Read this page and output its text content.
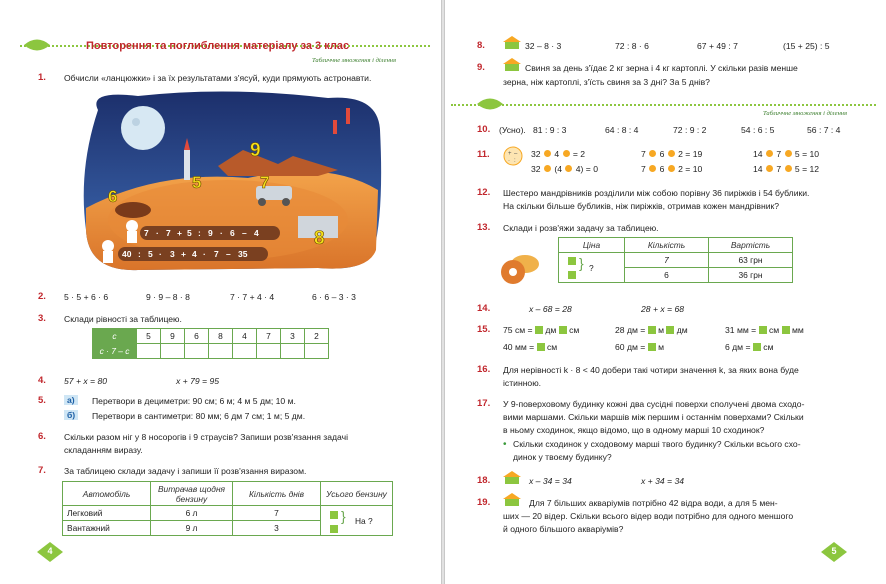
Повторення та поглиблення матеріалу за 3 клас
Табличчне множення і ділення
1. Обчисли «ланцюжки» і за їх результатами з'ясуй, куди прямують астронавти.
9
5	7
6
8
7 · 7 + 5 : 9 · 6 – 4
40 : 5 · 3 + 4 · 7 – 35
2. 5 · 5 + 6 · 6	9 · 9 – 8 · 8	7 · 7 + 4 · 4	6 · 6 – 3 · 3
3. Склади рівності за таблицею.
c	5	9	6	8	4	7	3	2
c · 7 – c								
4. 57 + x = 80	x + 79 = 95
5.	а)	Перетвори в дециметри: 90 см; 6 м; 4 м 5 дм; 10 м.
б)	Перетвори в сантиметри: 80 мм; 6 дм 7 см; 1 м; 5 дм.
6. Скільки разом ніг у 8 носорогів і 9 страусів? Запиши розв'язання задачі
складанням виразу.
7. За таблицею склади задачу і запиши її розв'язання виразом.
Автомобіль	Витрачав щодня бензину	Кількість днів	Усього бензину
Легковий	6 л	7	} На ?

Вантажний	9 л	3	
4
8.	32 – 8 · 3	72 : 8 · 6	67 + 49 : 7	(15 + 25) : 5
9.	Свиня за день з'їдає 2 кг зерна і 4 кг картоплі. У скільки разів менше
зерна, ніж картоплі, з'їсть свиня за 3 дні? За 5 днів?
Табличчне множення і ділення
10. (Усно). 81 : 9 : 3	64 : 8 : 4	72 : 9 : 2	54 : 6 : 5	56 : 7 : 4
11.	+ –
· :
32 4 = 2	7 6 2 = 19	14 7 5 = 10
32 (4 4) = 0	7 6 2 = 10	14 7 5 = 12
12. Шестеро мандрівників розділили між собою порівну 36 пиріжків і 54 бублики.
На скільки більше бубликів, ніж пиріжків, отримав кожен мандрівник?
13. Склади і розв'яжи задачу за таблицею.
Ціна	Кількість	Вартість

} ?	7	63 грн
	6	36 грн
14.	x – 68 = 28	28 + x = 68
15. 75 см = дм см	28 дм = м дм	31 мм = см мм
40 мм = см	60 дм = м	6 дм = см
16. Для нерівності k · 8 < 40 добери такі чотири значення k, за яких вона буде
істинною.
17. У 9-поверховому будинку кожні два сусідні поверхи сполучені двома сходо-
вими маршами. Скільки маршів між першим і останнім поверхами? Скільки
в ньому сходинок, якщо відомо, що в одному марші 10 сходинок?
• Скільки сходинок у сходовому марші твого будинку? Скільки всього схо-
динок у твоєму будинку?
18.	x – 34 = 34	x + 34 = 34
19.	Для 7 більших акваріумів потрібно 42 відра води, а для 5 мен-
ших — 20 відер. Скільки всього відер води потрібно для одного меншого
й одного більшого акваріумів?
5
